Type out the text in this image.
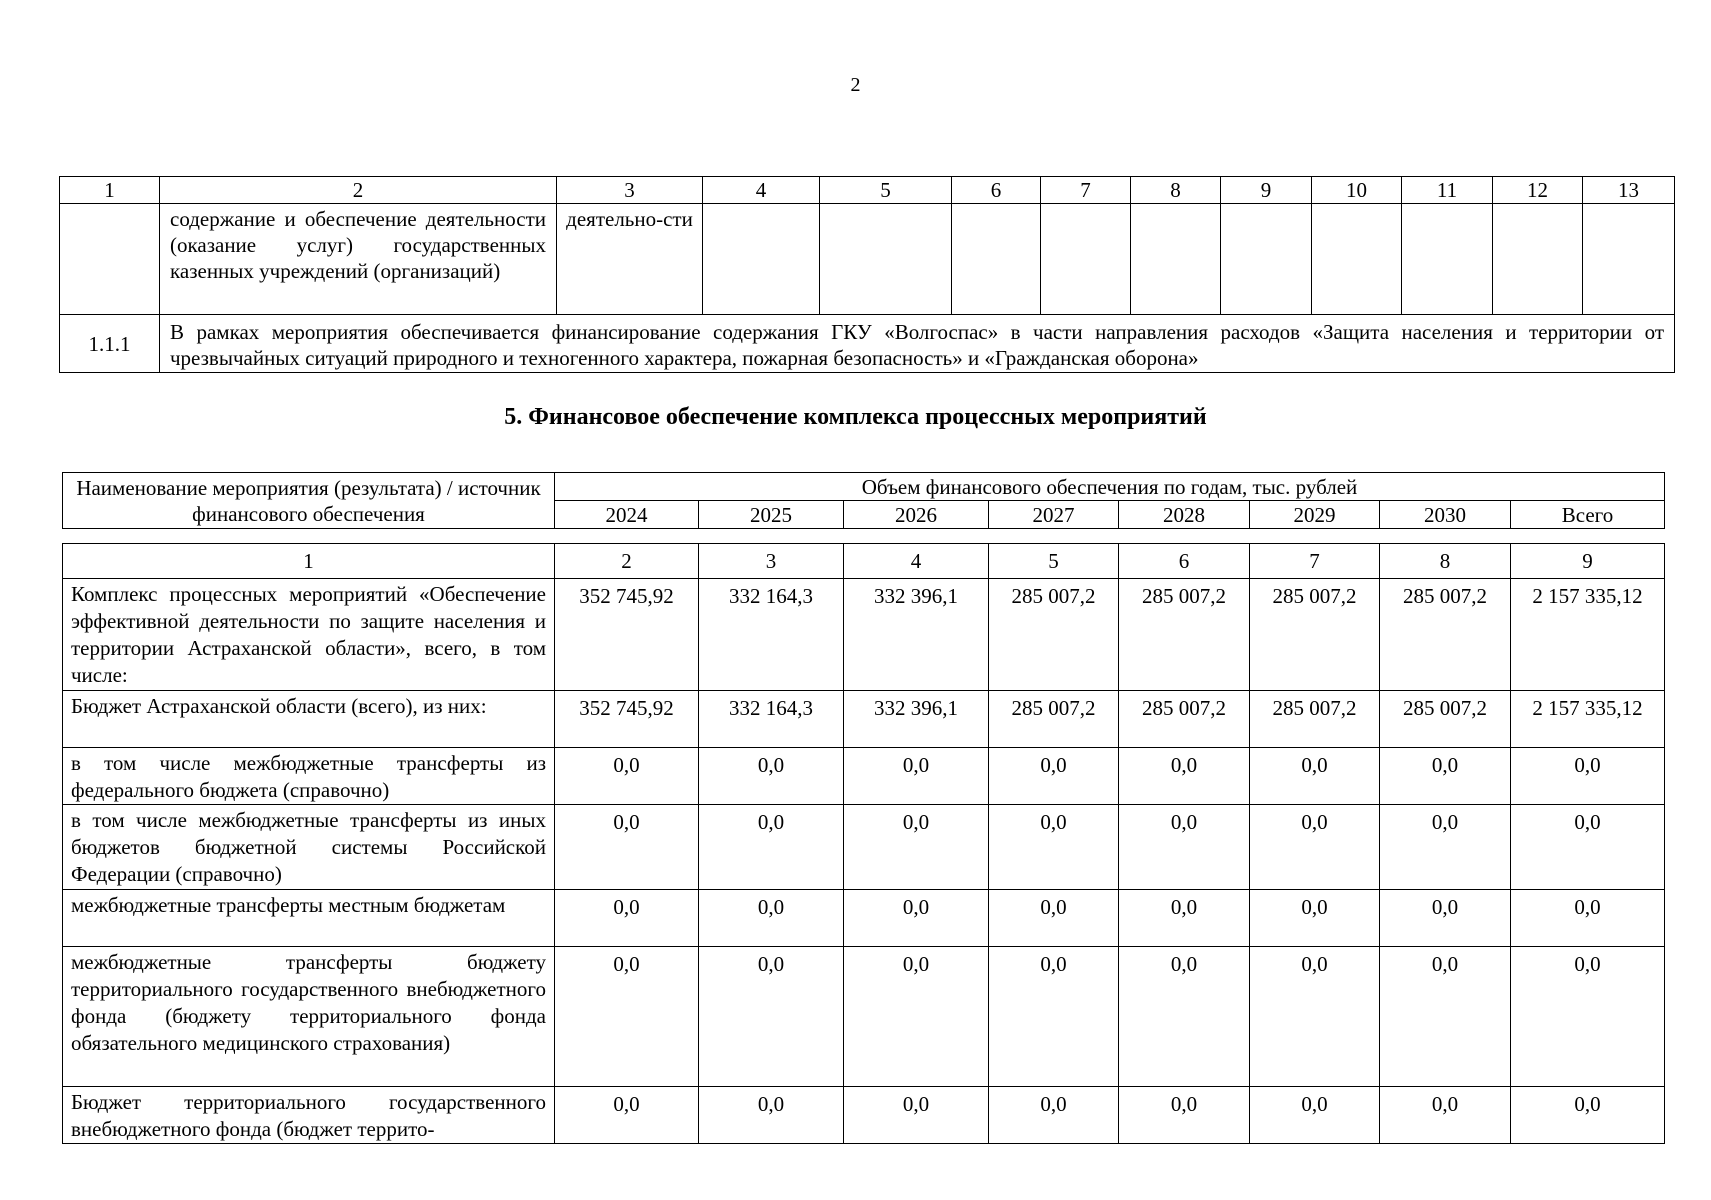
2
1	2	3	4	5	6	7	8	9	10	11	12	13
	содержание и обеспечение деятельности (оказание услуг) государственных казенных учреждений (организаций)	деятельно-сти										
1.1.1	В рамках мероприятия обеспечивается финансирование содержания ГКУ «Волгоспас» в части направления расходов «Защита населения и территории от чрезвычайных ситуаций природного и техногенного характера, пожарная безопасность» и «Гражданская оборона»											
5. Финансовое обеспечение комплекса процессных мероприятий
Наименование мероприятия (результата) / источник финансового обеспечения	Объем финансового обеспечения по годам, тыс. рублей							
	2024	2025	2026	2027	2028	2029	2030	Всего
1	2	3	4	5	6	7	8	9
Комплекс процессных мероприятий «Обеспечение эффективной деятельности по защите населения и территории Астраханской области», всего, в том числе:	352 745,92	332 164,3	332 396,1	285 007,2	285 007,2	285 007,2	285 007,2	2 157 335,12
Бюджет Астраханской области (всего), из них:	352 745,92	332 164,3	332 396,1	285 007,2	285 007,2	285 007,2	285 007,2	2 157 335,12
в том числе межбюджетные трансферты из федерального бюджета (справочно)	0,0	0,0	0,0	0,0	0,0	0,0	0,0	0,0
в том числе межбюджетные трансферты из иных бюджетов бюджетной системы Российской Федерации (справочно)	0,0	0,0	0,0	0,0	0,0	0,0	0,0	0,0
межбюджетные трансферты местным бюджетам	0,0	0,0	0,0	0,0	0,0	0,0	0,0	0,0
межбюджетные трансферты бюджету территориального государственного внебюджетного фонда (бюджету территориального фонда обязательного медицинского страхования)	0,0	0,0	0,0	0,0	0,0	0,0	0,0	0,0
Бюджет территориального государственного внебюджетного фонда (бюджет террито-	0,0	0,0	0,0	0,0	0,0	0,0	0,0	0,0
